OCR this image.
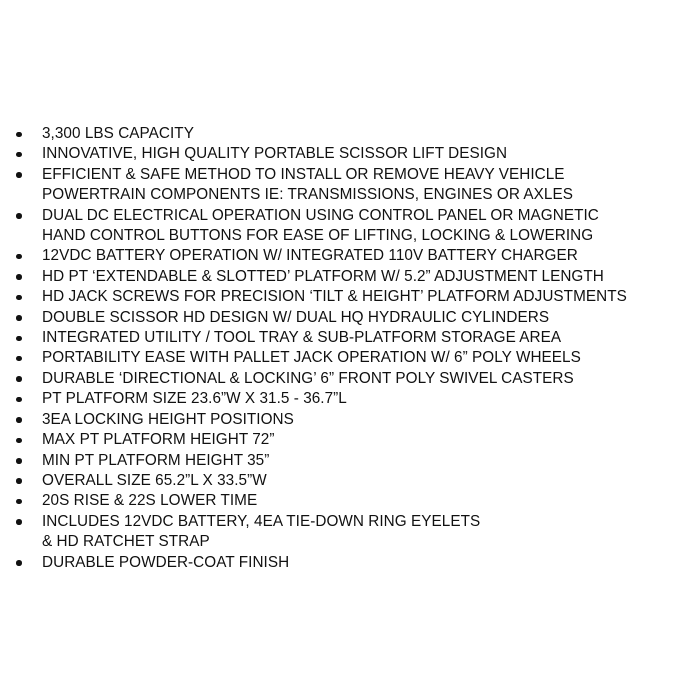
3,300 LBS CAPACITY
INNOVATIVE, HIGH QUALITY PORTABLE SCISSOR LIFT DESIGN
EFFICIENT & SAFE METHOD TO INSTALL OR REMOVE HEAVY VEHICLE
POWERTRAIN COMPONENTS IE: TRANSMISSIONS, ENGINES OR AXLES
DUAL DC ELECTRICAL OPERATION USING CONTROL PANEL OR MAGNETIC
HAND CONTROL BUTTONS FOR EASE OF LIFTING, LOCKING & LOWERING
12VDC BATTERY OPERATION W/ INTEGRATED 110V BATTERY CHARGER
HD PT ‘EXTENDABLE & SLOTTED’ PLATFORM W/ 5.2” ADJUSTMENT LENGTH
HD JACK SCREWS FOR PRECISION ‘TILT & HEIGHT’ PLATFORM ADJUSTMENTS
DOUBLE SCISSOR HD DESIGN W/ DUAL HQ HYDRAULIC CYLINDERS
INTEGRATED UTILITY / TOOL TRAY & SUB-PLATFORM STORAGE AREA
PORTABILITY EASE WITH PALLET JACK OPERATION W/ 6” POLY WHEELS
DURABLE ‘DIRECTIONAL & LOCKING’ 6” FRONT POLY SWIVEL CASTERS
PT PLATFORM SIZE 23.6”W X 31.5 - 36.7”L
3EA LOCKING HEIGHT POSITIONS
MAX PT PLATFORM HEIGHT 72”
MIN PT PLATFORM HEIGHT 35”
OVERALL SIZE 65.2”L X 33.5”W
20S RISE & 22S LOWER TIME
INCLUDES 12VDC BATTERY, 4EA TIE-DOWN RING EYELETS
& HD RATCHET STRAP
DURABLE POWDER-COAT FINISH
